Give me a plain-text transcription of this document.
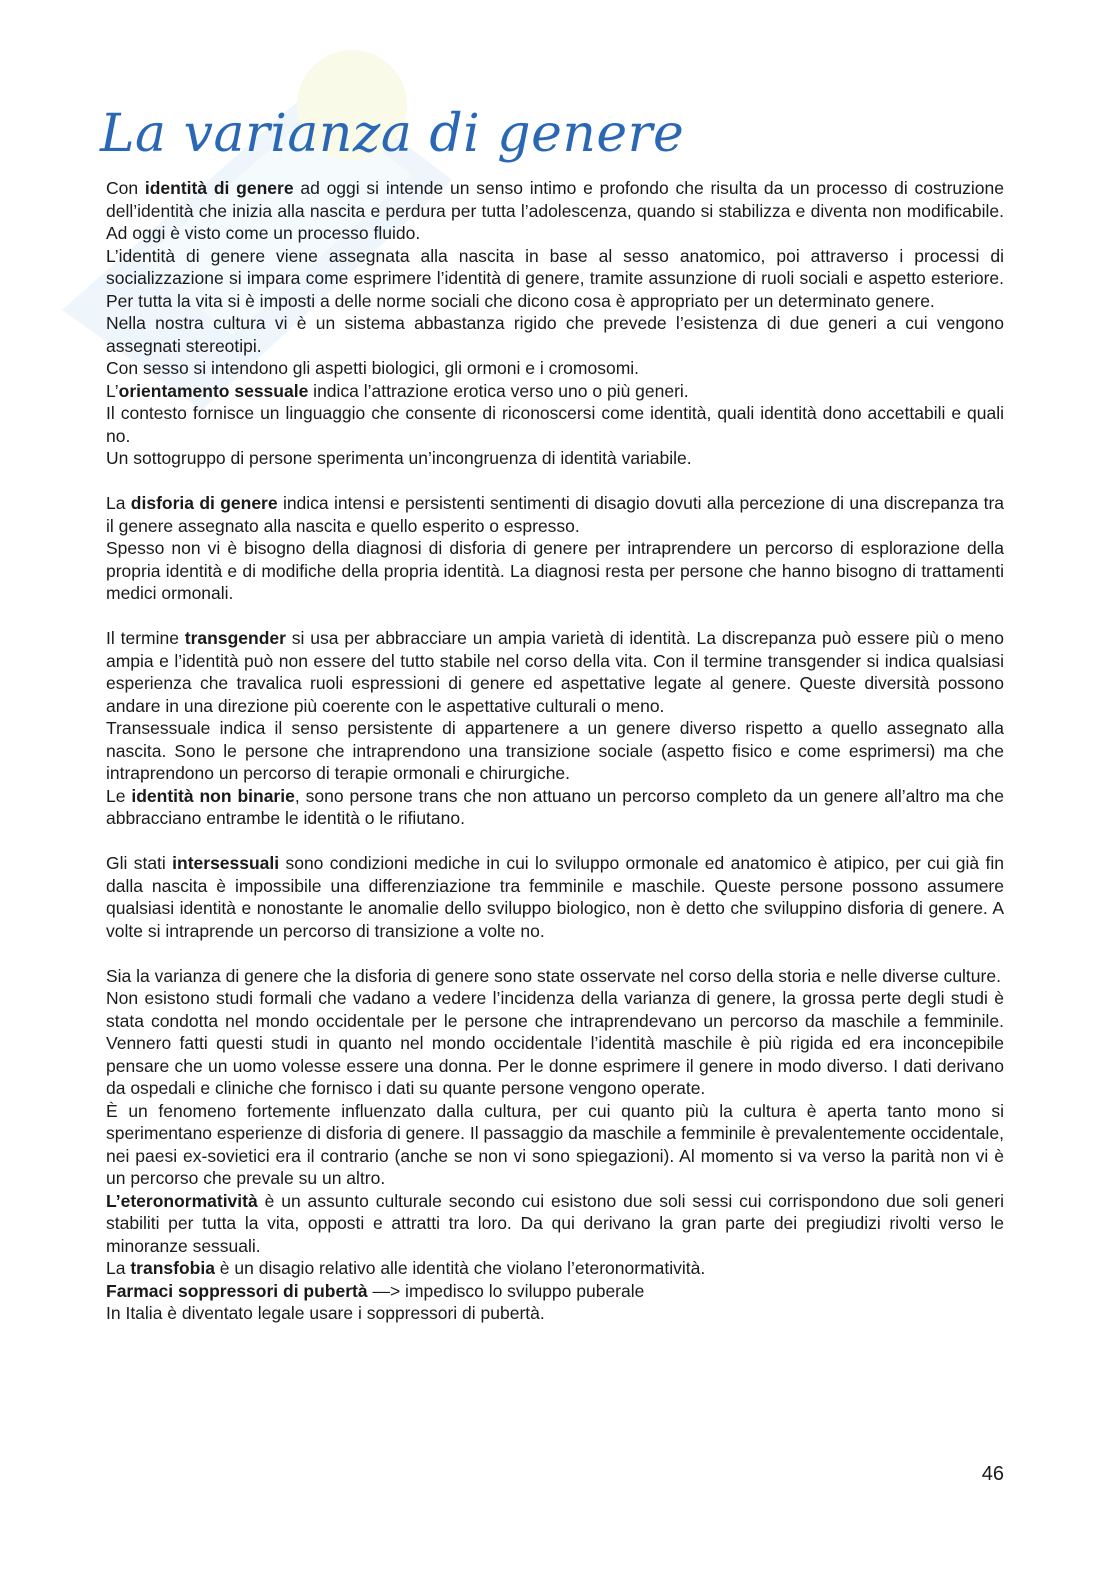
La varianza di genere

Con identità di genere ad oggi si intende un senso intimo e profondo che risulta da un processo di costruzione dell’identità che inizia alla nascita e perdura per tutta l’adolescenza, quando si stabilizza e diventa non modificabile. Ad oggi è visto come un processo fluido.

L’identità di genere viene assegnata alla nascita in base al sesso anatomico, poi attraverso i processi di socializzazione si impara come esprimere l’identità di genere, tramite assunzione di ruoli sociali e aspetto esteriore. Per tutta la vita si è imposti a delle norme sociali che dicono cosa è appropriato per un determinato genere.

Nella nostra cultura vi è un sistema abbastanza rigido che prevede l’esistenza di due generi a cui vengono assegnati stereotipi.

Con sesso si intendono gli aspetti biologici, gli ormoni e i cromosomi.

L’orientamento sessuale indica l’attrazione erotica verso uno o più generi.

Il contesto fornisce un linguaggio che consente di riconoscersi come identità, quali identità dono accettabili e quali no.

Un sottogruppo di persone sperimenta un’incongruenza di identità variabile.

La disforia di genere indica intensi e persistenti sentimenti di disagio dovuti alla percezione di una discrepanza tra il genere assegnato alla nascita e quello esperito o espresso.

Spesso non vi è bisogno della diagnosi di disforia di genere per intraprendere un percorso di esplorazione della propria identità e di modifiche della propria identità. La diagnosi resta per persone che hanno bisogno di trattamenti medici ormonali.

Il termine transgender si usa per abbracciare un ampia varietà di identità. La discrepanza può essere più o meno ampia e l’identità può non essere del tutto stabile nel corso della vita. Con il termine transgender si indica qualsiasi esperienza che travalica ruoli espressioni di genere ed aspettative legate al genere. Queste diversità possono andare in una direzione più coerente con le aspettative culturali o meno.

Transessuale indica il senso persistente di appartenere a un genere diverso rispetto a quello assegnato alla nascita. Sono le persone che intraprendono una transizione sociale (aspetto fisico e come esprimersi) ma che intraprendono un percorso di terapie ormonali e chirurgiche.

Le identità non binarie, sono persone trans che non attuano un percorso completo da un genere all’altro ma che abbracciano entrambe le identità o le rifiutano.

Gli stati intersessuali sono condizioni mediche in cui lo sviluppo ormonale ed anatomico è atipico, per cui già fin dalla nascita è impossibile una differenziazione tra femminile e maschile. Queste persone possono assumere qualsiasi identità e nonostante le anomalie dello sviluppo biologico, non è detto che sviluppino disforia di genere. A volte si intraprende un percorso di transizione a volte no.

Sia la varianza di genere che la disforia di genere sono state osservate nel corso della storia e nelle diverse culture.

Non esistono studi formali che vadano a vedere l’incidenza della varianza di genere, la grossa perte degli studi è stata condotta nel mondo occidentale per le persone che intraprendevano un percorso da maschile a femminile. Vennero fatti questi studi in quanto nel mondo occidentale l’identità maschile è più rigida ed era inconcepibile pensare che un uomo volesse essere una donna. Per le donne esprimere il genere in modo diverso. I dati derivano da ospedali e cliniche che fornisco i dati su quante persone vengono operate.

È un fenomeno fortemente influenzato dalla cultura, per cui quanto più la cultura è aperta tanto mono si sperimentano esperienze di disforia di genere. Il passaggio da maschile a femminile è prevalentemente occidentale, nei paesi ex-sovietici era il contrario (anche se non vi sono spiegazioni). Al momento si va verso la parità non vi è un percorso che prevale su un altro.

L’eteronormatività è un assunto culturale secondo cui esistono due soli sessi cui corrispondono due soli generi stabiliti per tutta la vita, opposti e attratti tra loro. Da qui derivano la gran parte dei pregiudizi rivolti verso le minoranze sessuali.

La transfobia è un disagio relativo alle identità che violano l’eteronormatività.

Farmaci soppressori di pubertà —> impedisco lo sviluppo puberale

In Italia è diventato legale usare i soppressori di pubertà.

46
